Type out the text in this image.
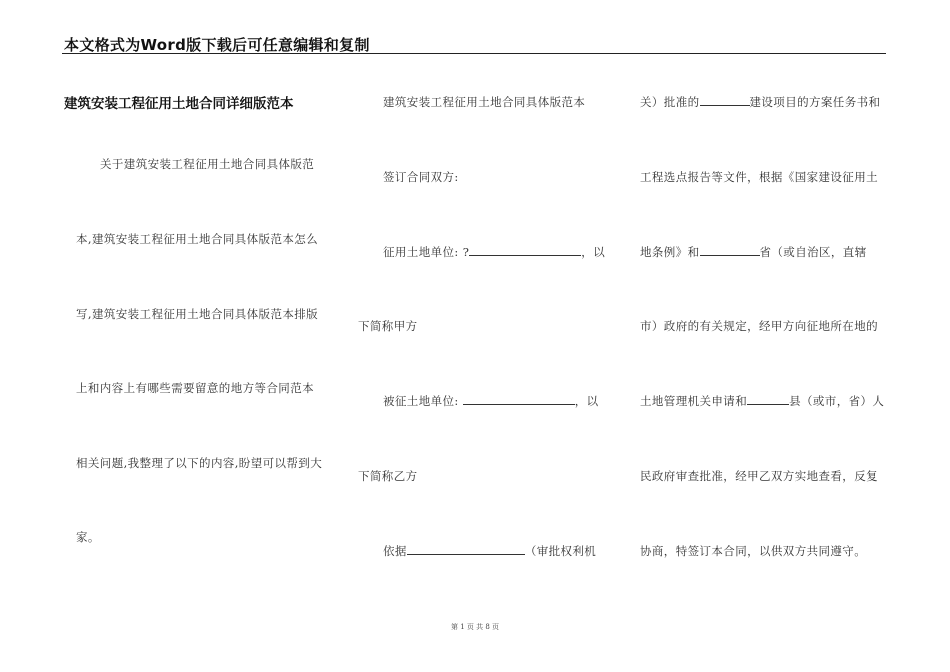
本文格式为Word版下载后可任意编辑和复制
建筑安装工程征用土地合同详细版范本
关于建筑安装工程征用土地合同具体版范
本,建筑安装工程征用土地合同具体版范本怎么
写,建筑安装工程征用土地合同具体版范本排版
上和内容上有哪些需要留意的地方等合同范本
相关问题,我整理了以下的内容,盼望可以帮到大
家。
建筑安装工程征用土地合同具体版范本
签订合同双方:
征用土地单位: ?	，以
下简称甲方
被征土地单位:	，以
下简称乙方
依据	（审批权利机
关）批准的	建设项目的方案任务书和
工程选点报告等文件，根据《国家建设征用土
地条例》和	省（或自治区，直辖
市）政府的有关规定，经甲方向征地所在地的
土地管理机关申请和	县（或市，省）人
民政府审查批准，经甲乙双方实地查看，反复
协商，特签订本合同，以供双方共同遵守。
第 1 页 共 8 页
